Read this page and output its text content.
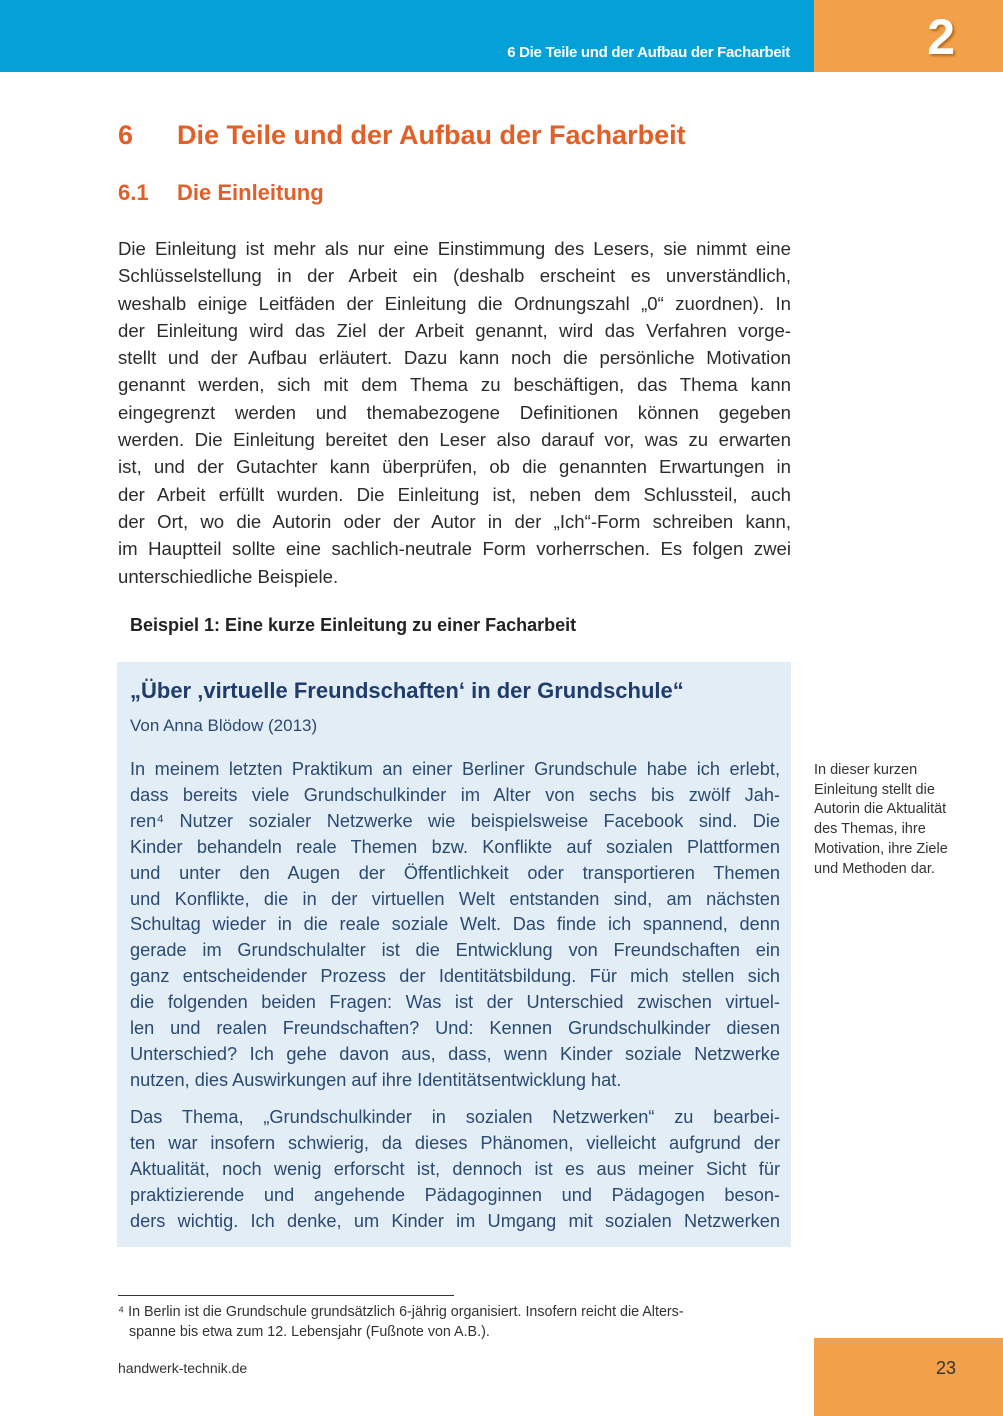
6 Die Teile und der Aufbau der Facharbeit	2
6 Die Teile und der Aufbau der Facharbeit
6.1 Die Einleitung
Die Einleitung ist mehr als nur eine Einstimmung des Lesers, sie nimmt eine
Schlüsselstellung in der Arbeit ein (deshalb erscheint es unverständlich,
weshalb einige Leitfäden der Einleitung die Ordnungszahl „0“ zuordnen). In
der Einleitung wird das Ziel der Arbeit genannt, wird das Verfahren vorge-
stellt und der Aufbau erläutert. Dazu kann noch die persönliche Motivation
genannt werden, sich mit dem Thema zu beschäftigen, das Thema kann
eingegrenzt werden und themabezogene Definitionen können gegeben
werden. Die Einleitung bereitet den Leser also darauf vor, was zu erwarten
ist, und der Gutachter kann überprüfen, ob die genannten Erwartungen in
der Arbeit erfüllt wurden. Die Einleitung ist, neben dem Schlussteil, auch
der Ort, wo die Autorin oder der Autor in der „Ich“-Form schreiben kann,
im Hauptteil sollte eine sachlich-neutrale Form vorherrschen. Es folgen zwei
unterschiedliche Beispiele.
Beispiel 1: Eine kurze Einleitung zu einer Facharbeit
„Über ‚virtuelle Freundschaften‘ in der Grundschule“
Von Anna Blödow (2013)
In meinem letzten Praktikum an einer Berliner Grundschule habe ich erlebt,
dass bereits viele Grundschulkinder im Alter von sechs bis zwölf Jah-
ren⁴ Nutzer sozialer Netzwerke wie beispielsweise Facebook sind. Die
Kinder behandeln reale Themen bzw. Konflikte auf sozialen Plattformen
und unter den Augen der Öffentlichkeit oder transportieren Themen
und Konflikte, die in der virtuellen Welt entstanden sind, am nächsten
Schultag wieder in die reale soziale Welt. Das finde ich spannend, denn
gerade im Grundschulalter ist die Entwicklung von Freundschaften ein
ganz entscheidender Prozess der Identitätsbildung. Für mich stellen sich
die folgenden beiden Fragen: Was ist der Unterschied zwischen virtuel-
len und realen Freundschaften? Und: Kennen Grundschulkinder diesen
Unterschied? Ich gehe davon aus, dass, wenn Kinder soziale Netzwerke
nutzen, dies Auswirkungen auf ihre Identitätsentwicklung hat.
Das Thema, „Grundschulkinder in sozialen Netzwerken“ zu bearbei-
ten war insofern schwierig, da dieses Phänomen, vielleicht aufgrund der
Aktualität, noch wenig erforscht ist, dennoch ist es aus meiner Sicht für
praktizierende und angehende Pädagoginnen und Pädagogen beson-
ders wichtig. Ich denke, um Kinder im Umgang mit sozialen Netzwerken
In dieser kurzen
Einleitung stellt die
Autorin die Aktualität
des Themas, ihre
Motivation, ihre Ziele
und Methoden dar.
⁴ In Berlin ist die Grundschule grundsätzlich 6-jährig organisiert. Insofern reicht die Alters-
spanne bis etwa zum 12. Lebensjahr (Fußnote von A.B.).
handwerk-technik.de	23
